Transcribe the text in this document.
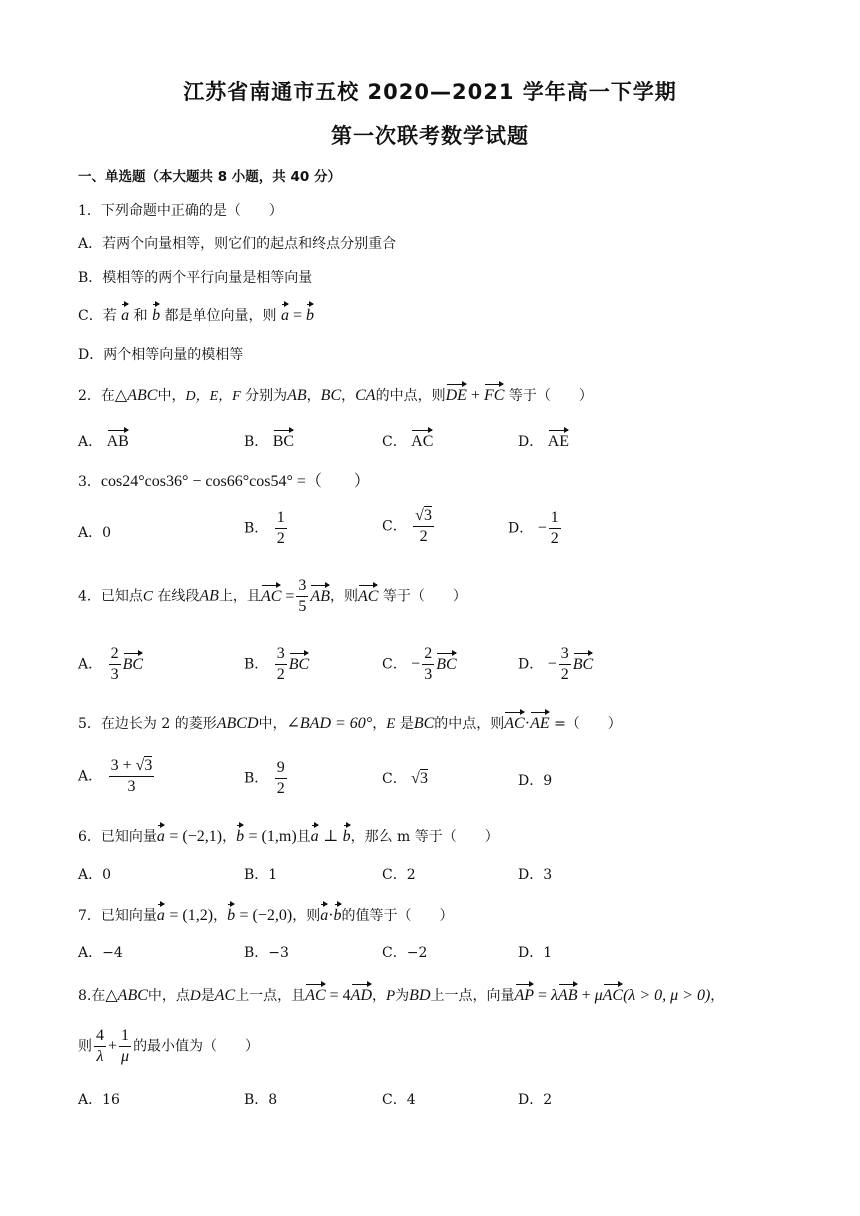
江苏省南通市五校 2020—2021 学年高一下学期
第一次联考数学试题
一、单选题（本大题共 8 小题，共 40 分）
1．下列命题中正确的是（　　）
A．若两个向量相等，则它们的起点和终点分别重合
B．模相等的两个平行向量是相等向量
C．若 a 和 b 都是单位向量，则 a = b
D．两个相等向量的模相等
2．在△ABC中，D，E，F 分别为AB，BC，CA的中点，则DE + FC 等于（　　）
A． AB	B． BC	C． AC	D． AE
3．cos24°cos36° − cos66°cos54° =（　　）
A．0	B． $\frac{1}{2}$	C． $\frac{√3}{2}$	D． − $\frac{1}{2}$
4．已知点C 在线段AB上，且AC = $\frac{3}{5}$ AB，则AC 等于（　　）
A． $\frac{2}{3}$ BC	B． $\frac{3}{2}$ BC	C． − $\frac{2}{3}$ BC	D． − $\frac{3}{2}$ BC
5．在边长为 2 的菱形ABCD中，∠BAD = 60°，E 是BC的中点，则AC·AE =（　　）
A． $\frac{3 + √3}{3}$	B． $\frac{9}{2}$	C． √3	D．9
6．已知向量a = (−2,1)，b = (1,m)且a ⊥ b，那么 m 等于（　　）
A．0	B．1	C．2	D．3
7．已知向量a = (1,2)，b = (−2,0)，则a·b的值等于（　　）
A．−4	B．−3	C．−2	D．1
8.在△ABC中，点D是AC上一点，且AC = 4AD，P为BD上一点，向量AP = λAB + μAC(λ > 0, μ > 0)，
则 $\frac{4}{\lambda} + \frac{1}{\mu}$ 的最小值为（　　）
A．16	B．8	C．4	D．2
